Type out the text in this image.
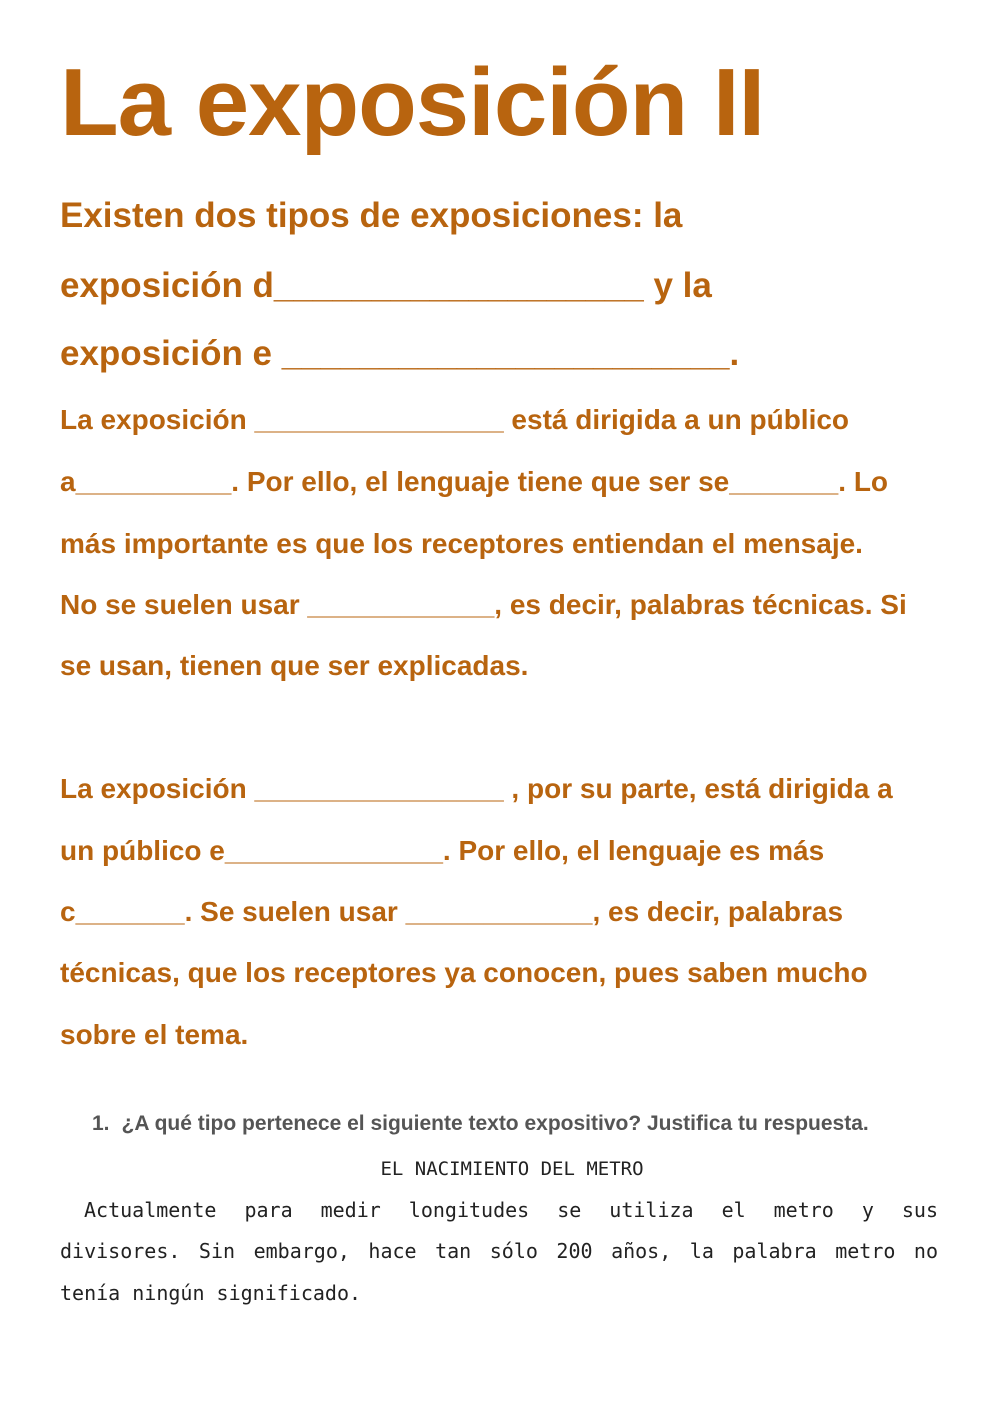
La exposición II

Existen dos tipos de exposiciones: la

exposición d___________________ y la

exposición e _______________________.

La exposición ________________ está dirigida a un público

a__________. Por ello, el lenguaje tiene que ser se_______. Lo

más importante es que los receptores entiendan el mensaje.

No se suelen usar ____________, es decir, palabras técnicas. Si

se usan, tienen que ser explicadas.

La exposición ________________ , por su parte, está dirigida a

un público e______________. Por ello, el lenguaje es más

c_______. Se suelen usar ____________, es decir, palabras

técnicas, que los receptores ya conocen, pues saben mucho

sobre el tema.

1. ¿A qué tipo pertenece el siguiente texto expositivo? Justifica tu respuesta.

EL NACIMIENTO DEL METRO

Actualmente para medir longitudes se utiliza el metro y sus

divisores. Sin embargo, hace tan sólo 200 años, la palabra metro no

tenía ningún significado.
